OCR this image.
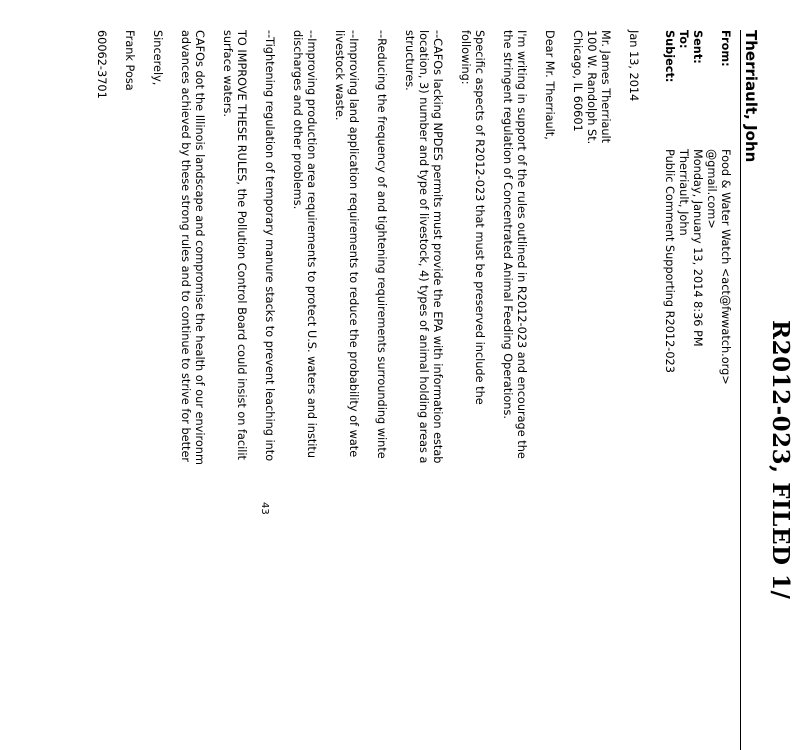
R2012-023, FILED 1/
Therriault, John
From:
Food & Water Watch <act@fwwatch.org>
@gmail.com>
Sent:
Monday, January 13, 2014 8:36 PM
To:
Therriault, John
Subject:
Public Comment Supporting R2012-023
Jan 13, 2014
Mr. James Therriault
100 W. Randolph St.
Chicago, IL 60601
Dear Mr. Therriault,
I'm writing in support of the rules outlined in R2012-023 and encourage the
the stringent regulation of Concentrated Animal Feeding Operations.
Specific aspects of R2012-023 that must be preserved include the
following:
--CAFOs lacking NPDES permits must provide the EPA with information estab
location, 3) number and type of livestock, 4) types of animal holding areas a
structures.
--Reducing the frequency of and tightening requirements surrounding winte
--Improving land application requirements to reduce the probability of wate
livestock waste.
--Improving production area requirements to protect U.S. waters and institu
discharges and other problems.
--Tightening regulation of temporary manure stacks to prevent leaching into
TO IMPROVE THESE RULES, the Pollution Control Board could insist on facilit
surface waters.
CAFOs dot the Illinois landscape and compromise the health of our environm
advances achieved by these strong rules and to continue to strive for better
Sincerely,
Frank Posa
60062-3701
43
